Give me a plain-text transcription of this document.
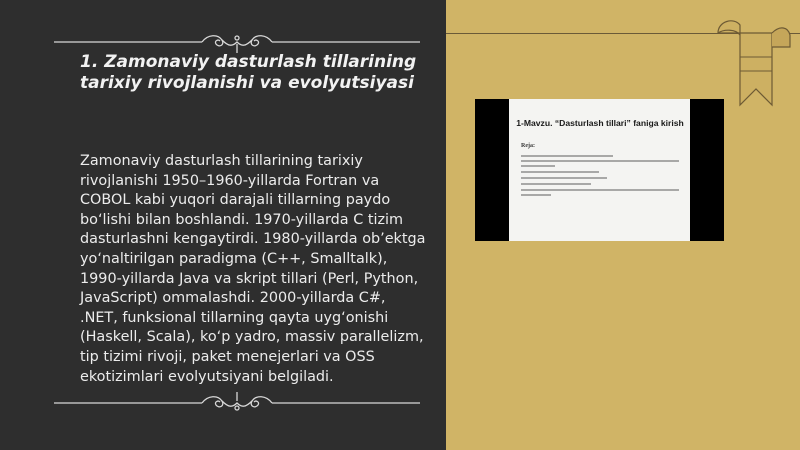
1. Zamonaviy dasturlash tillarining tarixiy rivojlanishi va evolyutsiyasi
Zamonaviy dasturlash tillarining tarixiy rivojlanishi 1950–1960-yillarda Fortran va COBOL kabi yuqori darajali tillarning paydo bo‘lishi bilan boshlandi. 1970-yillarda C tizim dasturlashni kengaytirdi. 1980-yillarda ob’ektga yo‘naltirilgan paradigma (C++, Smalltalk), 1990-yillarda Java va skript tillari (Perl, Python, JavaScript) ommalashdi. 2000-yillarda C#, .NET, funksional tillarning qayta uyg‘onishi (Haskell, Scala), ko‘p yadro, massiv parallelizm, tip tizimi rivoji, paket menejerlari va OSS ekotizimlari evolyutsiyani belgiladi.
1-Mavzu. “Dasturlash tillari” faniga kirish
Reja:
